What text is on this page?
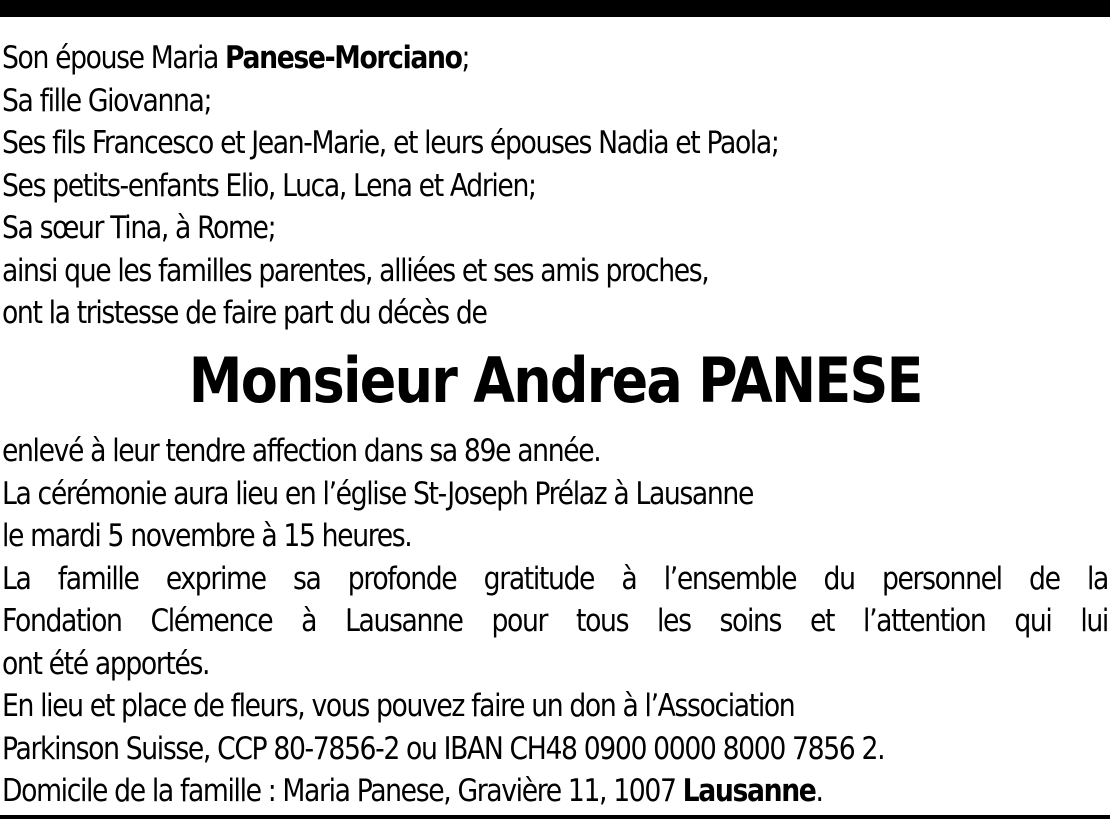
Son épouse Maria Panese-Morciano;
Sa fille Giovanna;
Ses fils Francesco et Jean-Marie, et leurs épouses Nadia et Paola;
Ses petits-enfants Elio, Luca, Lena et Adrien;
Sa sœur Tina, à Rome;
ainsi que les familles parentes, alliées et ses amis proches,
ont la tristesse de faire part du décès de
Monsieur Andrea PANESE
enlevé à leur tendre affection dans sa 89e année.
La cérémonie aura lieu en l’église St-Joseph Prélaz à Lausanne
le mardi 5 novembre à 15 heures.
La famille exprime sa profonde gratitude à l’ensemble du personnel de la
Fondation Clémence à Lausanne pour tous les soins et l’attention qui lui
ont été apportés.
En lieu et place de fleurs, vous pouvez faire un don à l’Association
Parkinson Suisse, CCP 80-7856-2 ou IBAN CH48 0900 0000 8000 7856 2.
Domicile de la famille : Maria Panese, Gravière 11, 1007 Lausanne.
